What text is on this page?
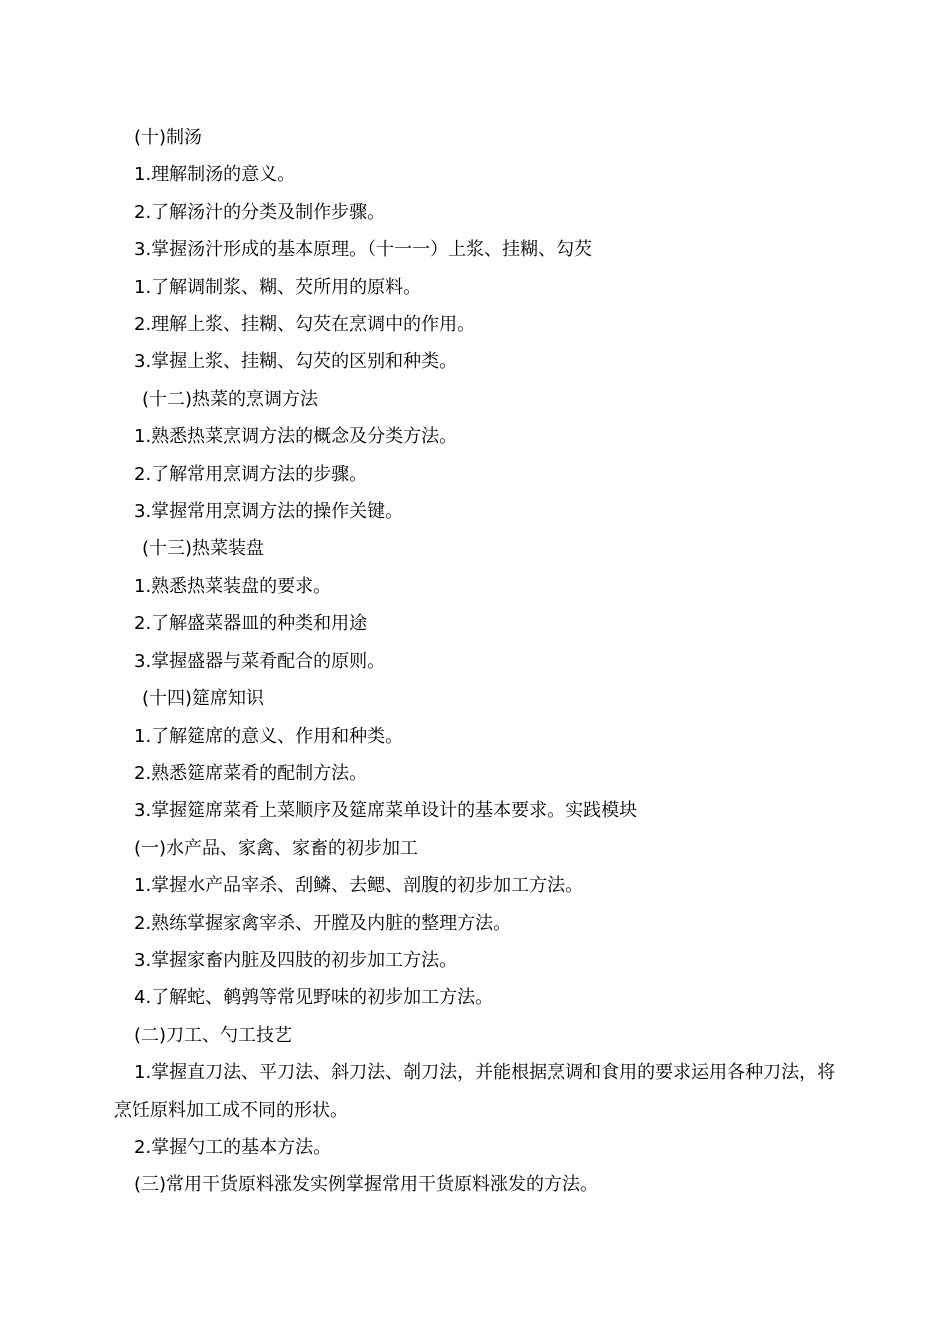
(十)制汤

1.理解制汤的意义。

2.了解汤汁的分类及制作步骤。

3.掌握汤汁形成的基本原理。（十一一）上浆、挂糊、勾芡

1.了解调制浆、糊、芡所用的原料。

2.理解上浆、挂糊、勾芡在烹调中的作用。

3.掌握上浆、挂糊、勾芡的区别和种类。

(十二)热菜的烹调方法

1.熟悉热菜烹调方法的概念及分类方法。

2.了解常用烹调方法的步骤。

3.掌握常用烹调方法的操作关键。

(十三)热菜装盘

1.熟悉热菜装盘的要求。

2.了解盛菜器皿的种类和用途

3.掌握盛器与菜肴配合的原则。

(十四)筵席知识

1.了解筵席的意义、作用和种类。

2.熟悉筵席菜肴的配制方法。

3.掌握筵席菜肴上菜顺序及筵席菜单设计的基本要求。实践模块

(一)水产品、家禽、家畜的初步加工

1.掌握水产品宰杀、刮鳞、去鳃、剖腹的初步加工方法。

2.熟练掌握家禽宰杀、开膛及内脏的整理方法。

3.掌握家畜内脏及四肢的初步加工方法。

4.了解蛇、鹌鹑等常见野味的初步加工方法。

(二)刀工、勺工技艺

1.掌握直刀法、平刀法、斜刀法、剞刀法，并能根据烹调和食用的要求运用各种刀法，将烹饪原料加工成不同的形状。

2.掌握勺工的基本方法。

(三)常用干货原料涨发实例掌握常用干货原料涨发的方法。
